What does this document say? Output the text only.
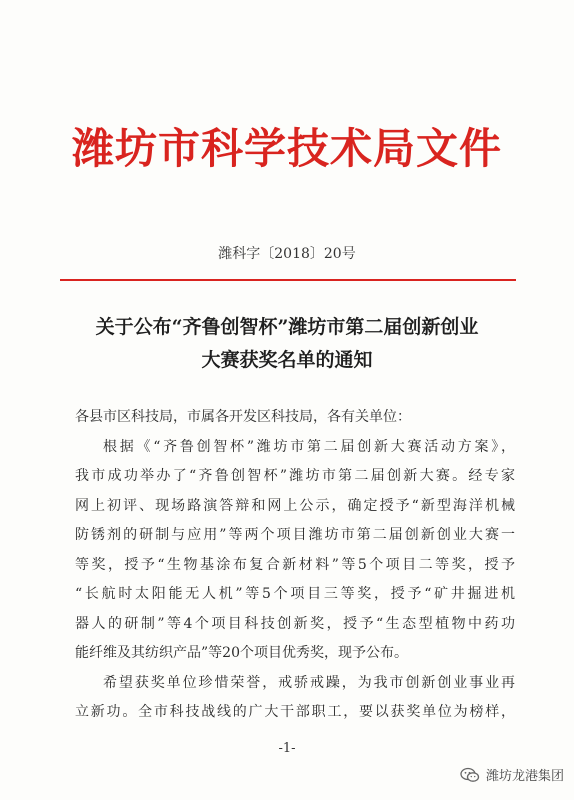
潍坊市科学技术局文件
潍科字〔2018〕20号
关于公布“齐鲁创智杯”潍坊市第二届创新创业
大赛获奖名单的通知
各县市区科技局，市属各开发区科技局，各有关单位：
根据《“齐鲁创智杯”潍坊市第二届创新大赛活动方案》，
我市成功举办了“齐鲁创智杯”潍坊市第二届创新大赛。经专家
网上初评、现场路演答辩和网上公示，确定授予“新型海洋机械
防锈剂的研制与应用”等两个项目潍坊市第二届创新创业大赛一
等奖，授予“生物基涂布复合新材料”等5个项目二等奖，授予
“长航时太阳能无人机”等5个项目三等奖，授予“矿井掘进机
器人的研制”等4个项目科技创新奖，授予“生态型植物中药功
能纤维及其纺织产品”等20个项目优秀奖，现予公布。
希望获奖单位珍惜荣誉，戒骄戒躁，为我市创新创业事业再
立新功。全市科技战线的广大干部职工，要以获奖单位为榜样，
-1-
潍坊龙港集团
